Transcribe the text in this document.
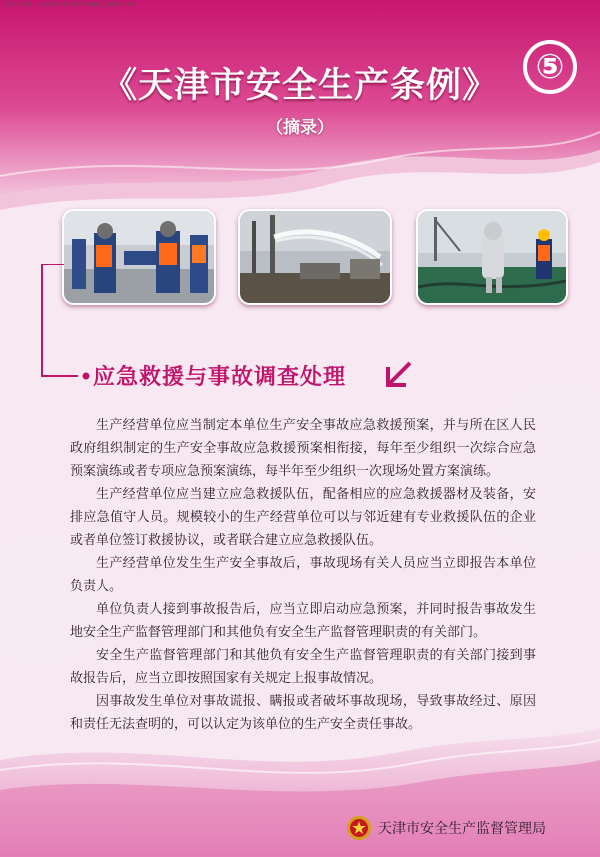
宣传挂图第5、天津市安全生产条例 每套6张之第5张 C M K
《天津市安全生产条例》
（摘录）
⑤
应急救援与事故调查处理

生产经营单位应当制定本单位生产安全事故应急救援预案，并与所在区人民政府组织制定的生产安全事故应急救援预案相衔接，每年至少组织一次综合应急预案演练或者专项应急预案演练，每半年至少组织一次现场处置方案演练。

生产经营单位应当建立应急救援队伍，配备相应的应急救援器材及装备，安排应急值守人员。规模较小的生产经营单位可以与邻近建有专业救援队伍的企业或者单位签订救援协议，或者联合建立应急救援队伍。

生产经营单位发生生产安全事故后，事故现场有关人员应当立即报告本单位负责人。

单位负责人接到事故报告后，应当立即启动应急预案，并同时报告事故发生地安全生产监督管理部门和其他负有安全生产监督管理职责的有关部门。

安全生产监督管理部门和其他负有安全生产监督管理职责的有关部门接到事故报告后，应当立即按照国家有关规定上报事故情况。

因事故发生单位对事故谎报、瞒报或者破坏事故现场，导致事故经过、原因和责任无法查明的，可以认定为该单位的生产安全责任事故。

天津市安全生产监督管理局
